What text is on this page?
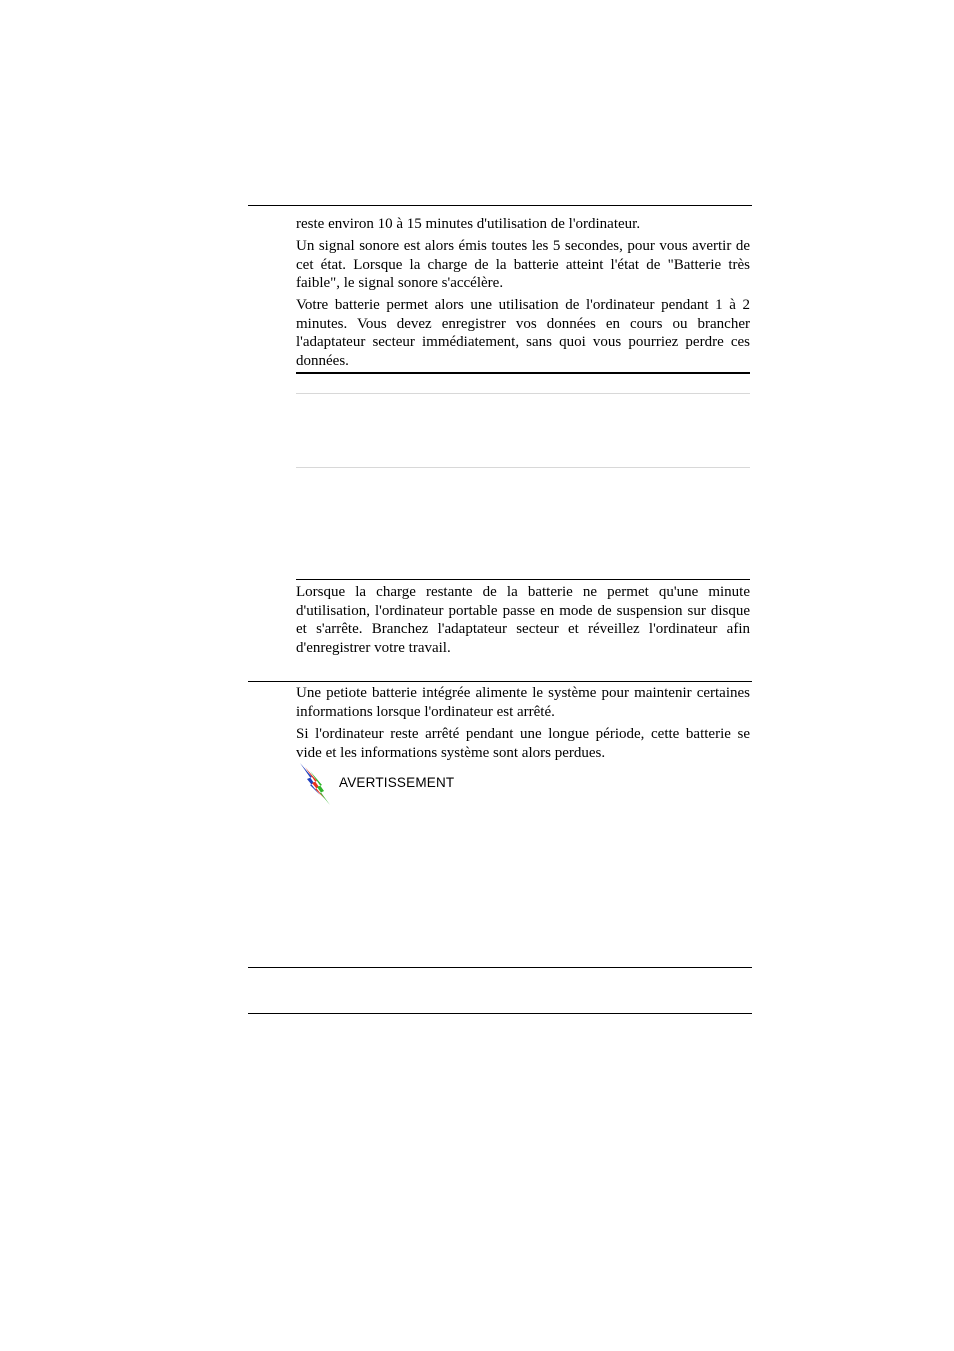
reste environ 10 à 15 minutes d'utilisation de l'ordinateur.

Un signal sonore est alors émis toutes les 5 secondes, pour vous avertir de cet état. Lorsque la charge de la batterie atteint l'état de "Batterie très faible", le signal sonore s'accélère.

Votre batterie permet alors une utilisation de l'ordinateur pendant 1 à 2 minutes. Vous devez enregistrer vos données en cours ou brancher l'adaptateur secteur immédiatement, sans quoi vous pourriez perdre ces données.

Lorsque la charge restante de la batterie ne permet qu'une minute d'utilisation, l'ordinateur portable passe en mode de suspension sur disque et s'arrête. Branchez l'adaptateur secteur et réveillez l'ordinateur afin d'enregistrer votre travail.

Une petiote batterie intégrée alimente le système pour maintenir certaines informations lorsque l'ordinateur est arrêté.

Si l'ordinateur reste arrêté pendant une longue période, cette batterie se vide et les informations système sont alors perdues.

AVERTISSEMENT
